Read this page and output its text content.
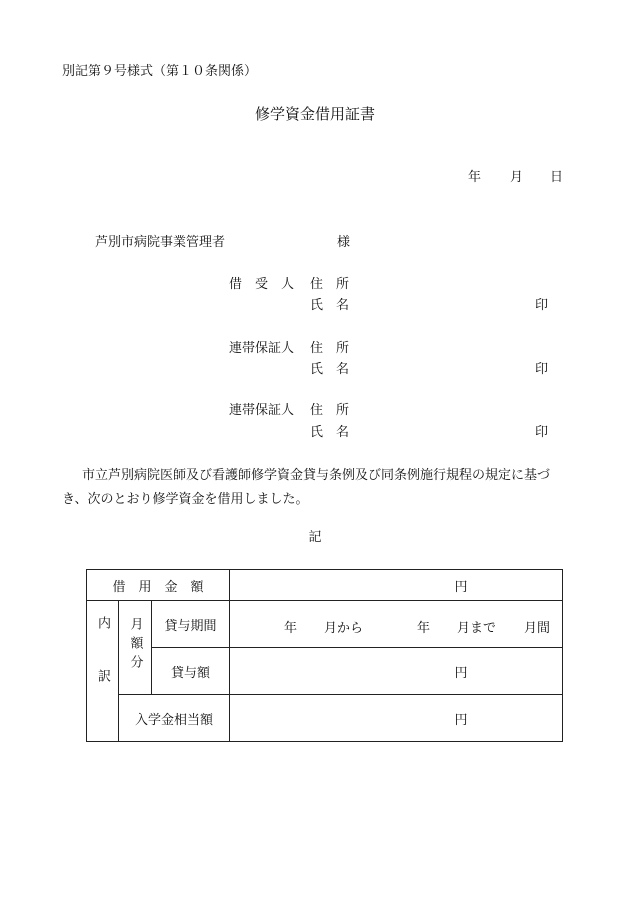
別記第９号様式（第１０条関係）
修学資金借用証書
年 月 日
芦別市病院事業管理者	様
借　受　人 住　所
氏　名	印
連帯保証人 住　所
氏　名	印
連帯保証人 住　所
氏　名	印

市立芦別病院医師及び看護師修学資金貸与条例及び同条例施行規程の規定に基づき、次のとおり修学資金を借用しました。

記
借　用　金　額			円
内訳	月額分	貸与期間	年 月から 年 月まで 月間

		貸与額	円
	入学金相当額		円
